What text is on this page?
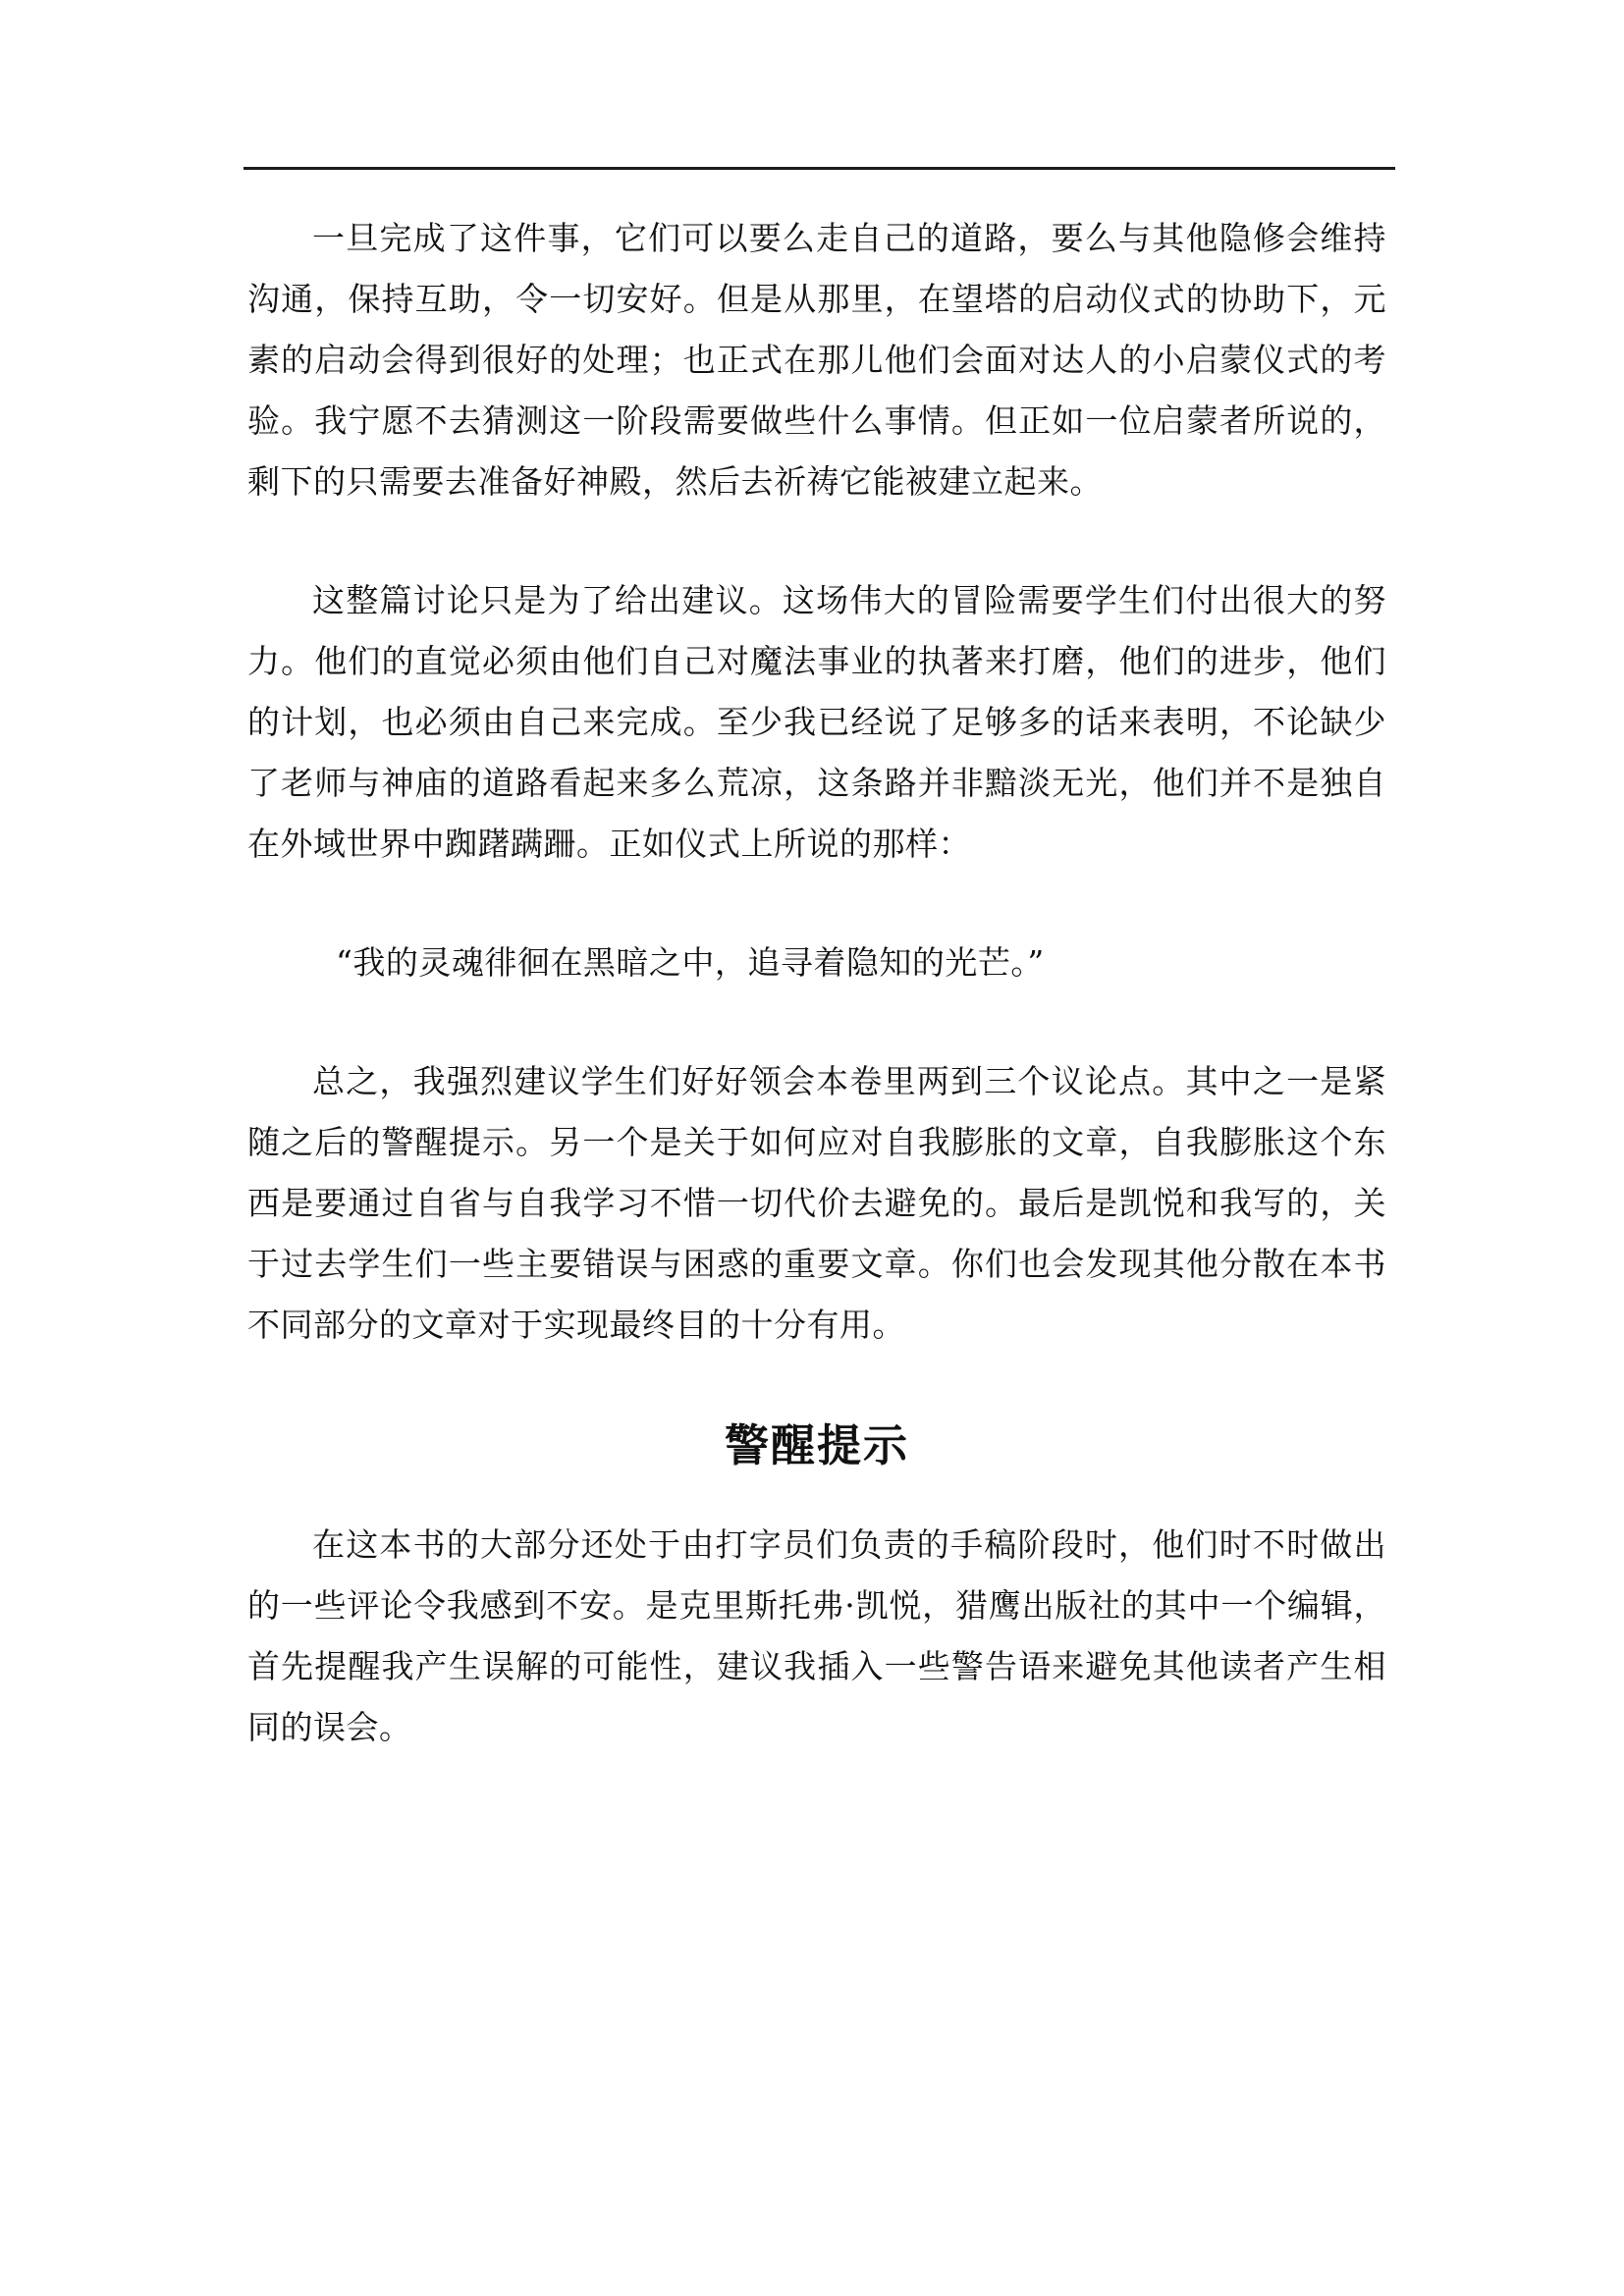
一旦完成了这件事，它们可以要么走自己的道路，要么与其他隐修会维持沟通，保持互助，令一切安好。但是从那里，在望塔的启动仪式的协助下，元素的启动会得到很好的处理；也正式在那儿他们会面对达人的小启蒙仪式的考验。我宁愿不去猜测这一阶段需要做些什么事情。但正如一位启蒙者所说的，剩下的只需要去准备好神殿，然后去祈祷它能被建立起来。

这整篇讨论只是为了给出建议。这场伟大的冒险需要学生们付出很大的努力。他们的直觉必须由他们自己对魔法事业的执著来打磨，他们的进步，他们的计划，也必须由自己来完成。至少我已经说了足够多的话来表明，不论缺少了老师与神庙的道路看起来多么荒凉，这条路并非黯淡无光，他们并不是独自在外域世界中踟躇蹒跚。正如仪式上所说的那样：

“我的灵魂徘徊在黑暗之中，追寻着隐知的光芒。”

总之，我强烈建议学生们好好领会本卷里两到三个议论点。其中之一是紧随之后的警醒提示。另一个是关于如何应对自我膨胀的文章，自我膨胀这个东西是要通过自省与自我学习不惜一切代价去避免的。最后是凯悦和我写的，关于过去学生们一些主要错误与困惑的重要文章。你们也会发现其他分散在本书不同部分的文章对于实现最终目的十分有用。

警醒提示

在这本书的大部分还处于由打字员们负责的手稿阶段时，他们时不时做出的一些评论令我感到不安。是克里斯托弗·凯悦，猎鹰出版社的其中一个编辑，首先提醒我产生误解的可能性，建议我插入一些警告语来避免其他读者产生相同的误会。
